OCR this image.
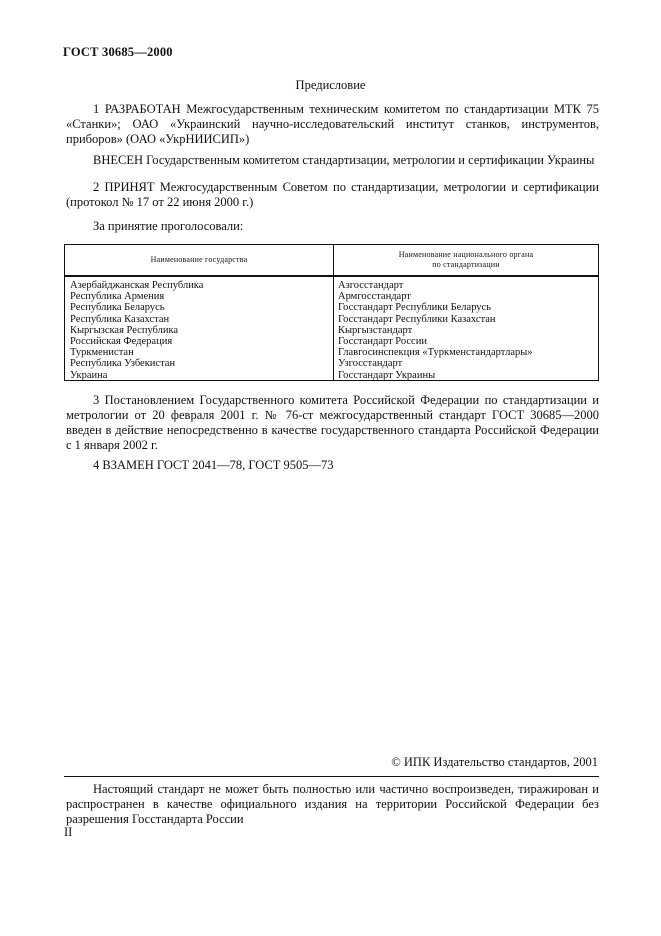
ГОСТ 30685—2000
Предисловие
1 РАЗРАБОТАН Межгосударственным техническим комитетом по стандартизации МТК 75 «Станки»; ОАО «Украинский научно-исследовательский институт станков, инструментов, приборов» (ОАО «УкрНИИСИП»)
ВНЕСЕН Государственным комитетом стандартизации, метрологии и сертификации Украины
2 ПРИНЯТ Межгосударственным Советом по стандартизации, метрологии и сертификации (протокол № 17 от 22 июня 2000 г.)
За принятие проголосовали:
Наименование государства
Наименование национального органа
по стандартизации
Азербайджанская Республика
Республика Армения
Республика Беларусь
Республика Казахстан
Кыргызская Республика
Российская Федерация
Туркменистан
Республика Узбекистан
Украина
Азгосстандарт
Армгосстандарт
Госстандарт Республики Беларусь
Госстандарт Республики Казахстан
Кыргызстандарт
Госстандарт России
Главгосинспекция «Туркменстандартлары»
Узгосстандарт
Госстандарт Украины
3 Постановлением Государственного комитета Российской Федерации по стандартизации и метрологии от 20 февраля 2001 г. № 76-ст межгосударственный стандарт ГОСТ 30685—2000 введен в действие непосредственно в качестве государственного стандарта Российской Федерации с 1 января 2002 г.
4 ВЗАМЕН ГОСТ 2041—78, ГОСТ 9505—73
© ИПК Издательство стандартов, 2001
Настоящий стандарт не может быть полностью или частично воспроизведен, тиражирован и распространен в качестве официального издания на территории Российской Федерации без разрешения Госстандарта России
II
